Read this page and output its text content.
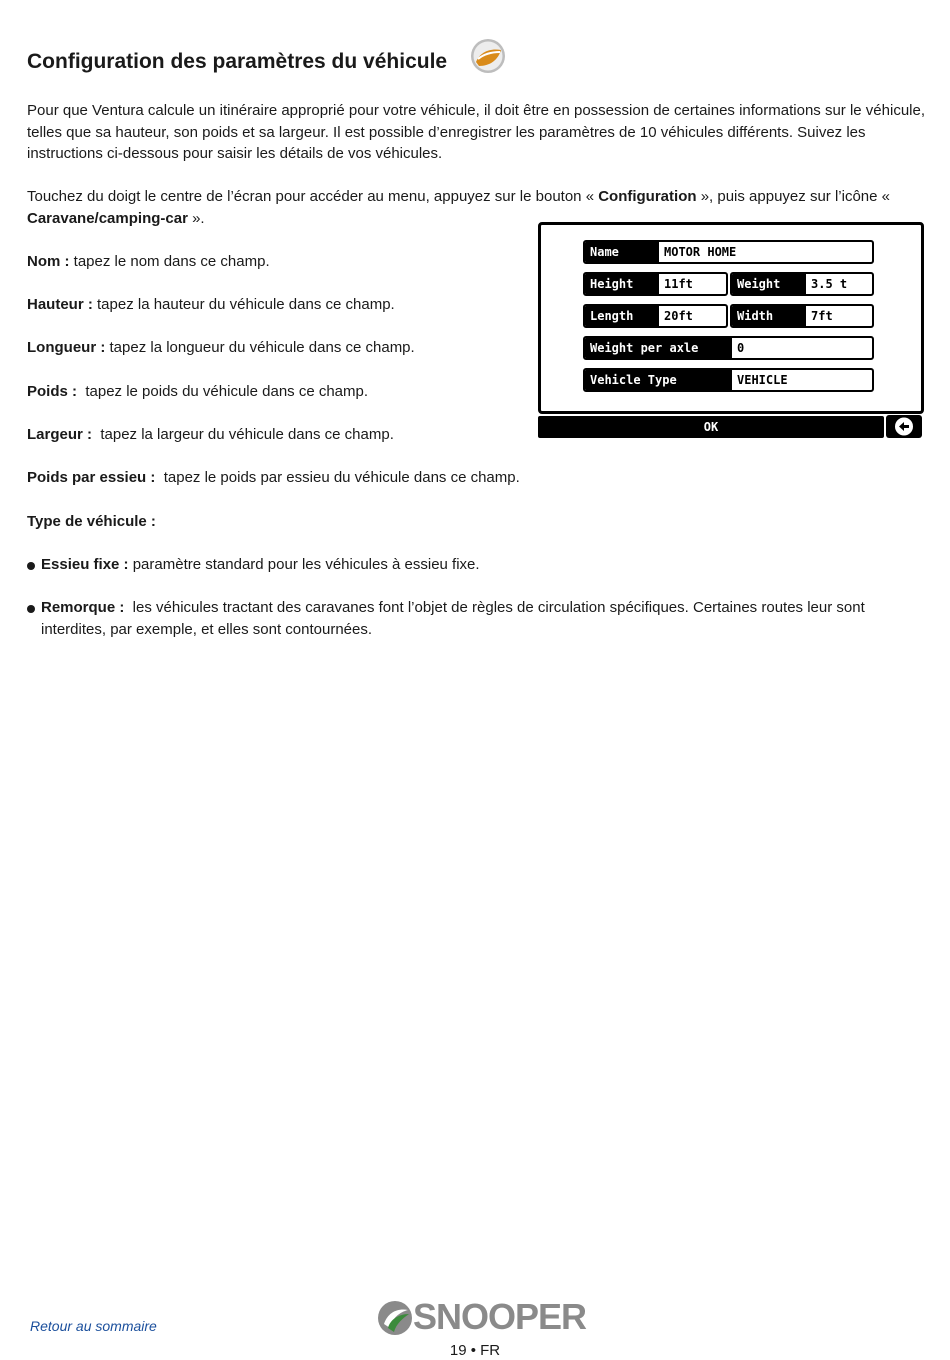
Configuration des paramètres du véhicule

Pour que Ventura calcule un itinéraire approprié pour votre véhicule, il doit être en possession de certaines informations sur le véhicule, telles que sa hauteur, son poids et sa largeur. Il est possible d’enregistrer les paramètres de 10 véhicules différents. Suivez les instructions ci-dessous pour saisir les détails de vos véhicules.

Touchez du doigt le centre de l’écran pour accéder au menu, appuyez sur le bouton « Configuration », puis appuyez sur l’icône « Caravane/camping-car ».

Nom : tapez le nom dans ce champ.
Hauteur : tapez la hauteur du véhicule dans ce champ.
Longueur : tapez la longueur du véhicule dans ce champ.
Poids :  tapez le poids du véhicule dans ce champ.
Largeur :  tapez la largeur du véhicule dans ce champ.
Poids par essieu :  tapez le poids par essieu du véhicule dans ce champ.
Type de véhicule :
Essieu fixe : paramètre standard pour les véhicules à essieu fixe.
Remorque :  les véhicules tractant des caravanes font l’objet de règles de circulation spécifiques. Certaines routes leur sont interdites, par exemple, et elles sont contournées.
Name	MOTOR HOME
Height	11ft	Weight	3.5 t
Length	20ft	Width	7ft
Weight per axle	0
Vehicle Type	VEHICLE
OK
Retour au sommaire	SNOOPER
19 • FR
